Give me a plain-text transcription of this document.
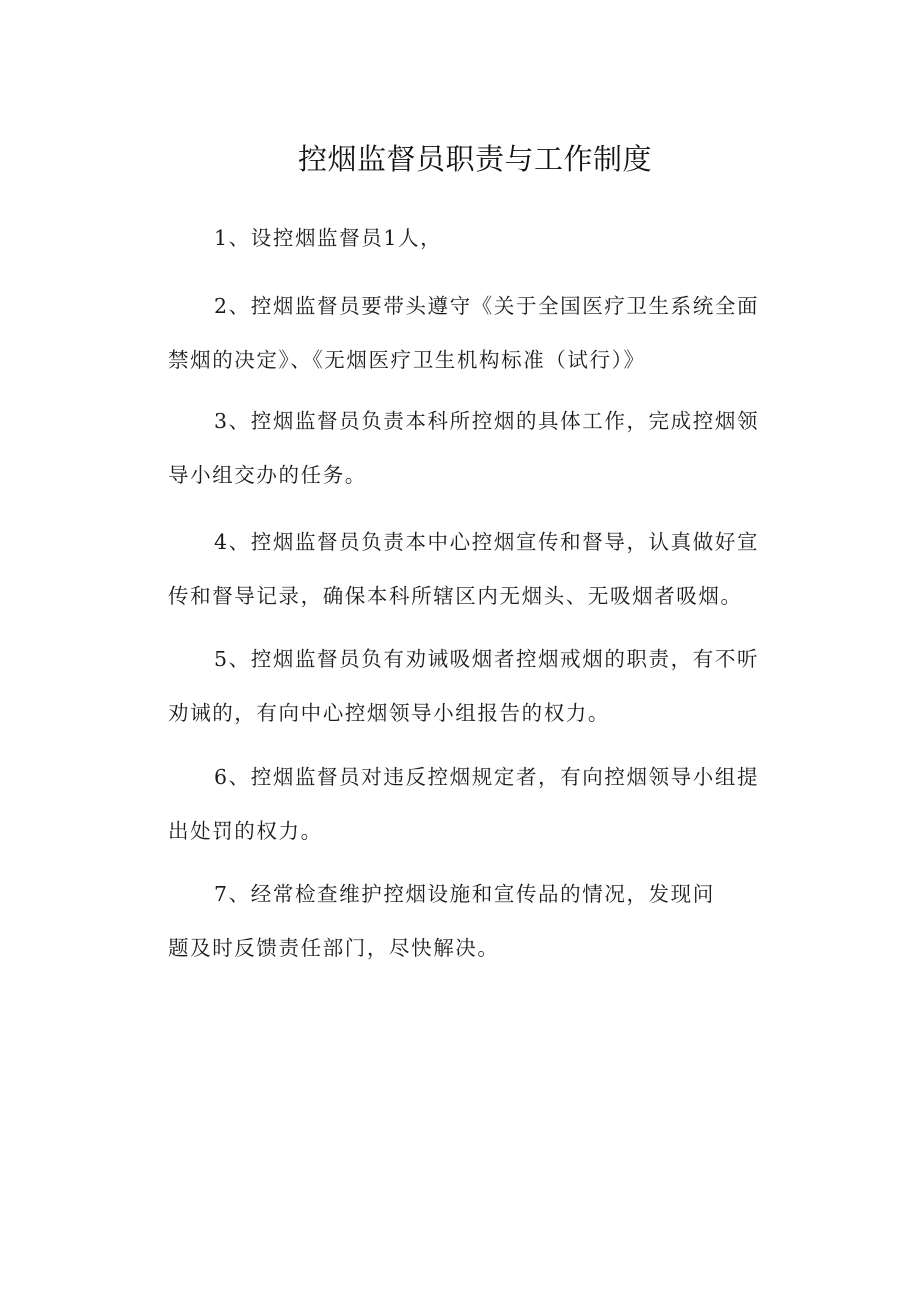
控烟监督员职责与工作制度

1、设控烟监督员1人，

2、控烟监督员要带头遵守《关于全国医疗卫生系统全面
禁烟的决定》、《无烟医疗卫生机构标准（试行）》

3、控烟监督员负责本科所控烟的具体工作，完成控烟领
导小组交办的任务。

4、控烟监督员负责本中心控烟宣传和督导，认真做好宣
传和督导记录，确保本科所辖区内无烟头、无吸烟者吸烟。

5、控烟监督员负有劝诫吸烟者控烟戒烟的职责，有不听
劝诫的，有向中心控烟领导小组报告的权力。

6、控烟监督员对违反控烟规定者，有向控烟领导小组提
出处罚的权力。

7、经常检查维护控烟设施和宣传品的情况，发现问
题及时反馈责任部门，尽快解决。
